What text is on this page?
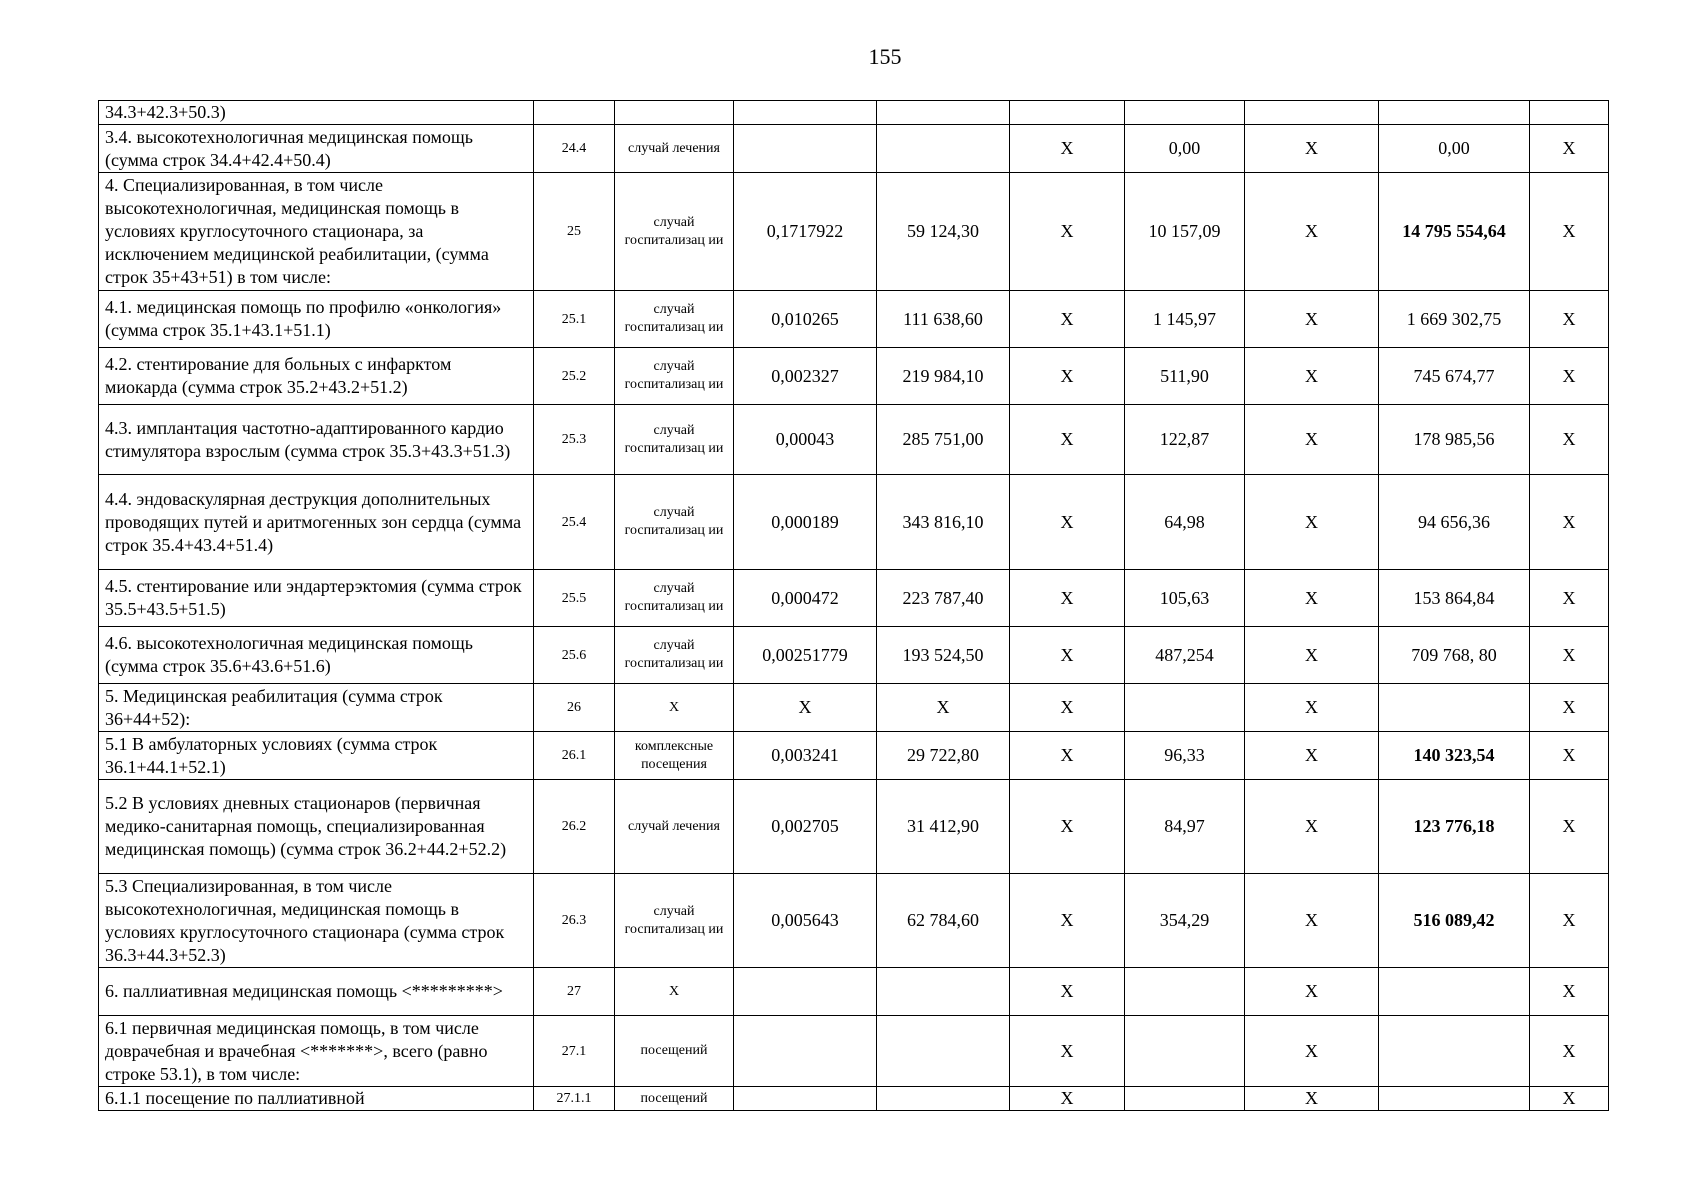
155
34.3+42.3+50.3)									
3.4. высокотехнологичная медицинская помощь (сумма строк 34.4+42.4+50.4)	24.4	случай лечения			X	0,00	X	0,00	X
4. Специализированная, в том числе высокотехнологичная, медицинская помощь в условиях круглосуточного стационара, за исключением медицинской реабилитации, (сумма строк 35+43+51) в том числе:	25	случай госпитализац ии	0,1717922	59 124,30	X	10 157,09	X	14 795 554,64	X
4.1. медицинская помощь по профилю «онкология» (сумма строк 35.1+43.1+51.1)	25.1	случай госпитализац ии	0,010265	111 638,60	X	1 145,97	X	1 669 302,75	X
4.2. стентирование для больных с инфарктом миокарда (сумма строк 35.2+43.2+51.2)	25.2	случай госпитализац ии	0,002327	219 984,10	X	511,90	X	745 674,77	X
4.3. имплантация частотно-адаптированного кардио стимулятора взрослым (сумма строк 35.3+43.3+51.3)	25.3	случай госпитализац ии	0,00043	285 751,00	X	122,87	X	178 985,56	X
4.4. эндоваскулярная деструкция дополнительных проводящих путей и аритмогенных зон сердца (сумма строк 35.4+43.4+51.4)	25.4	случай госпитализац ии	0,000189	343 816,10	X	64,98	X	94 656,36	X
4.5. стентирование или эндартерэктомия (сумма строк 35.5+43.5+51.5)	25.5	случай госпитализац ии	0,000472	223 787,40	X	105,63	X	153 864,84	X
4.6. высокотехнологичная медицинская помощь (сумма строк 35.6+43.6+51.6)	25.6	случай госпитализац ии	0,00251779	193 524,50	X	487,254	X	709 768, 80	X
5. Медицинская реабилитация (сумма строк 36+44+52):	26	X	X	X	X		X		X
5.1 В амбулаторных условиях (сумма строк 36.1+44.1+52.1)	26.1	комплексные посещения	0,003241	29 722,80	X	96,33	X	140 323,54	X
5.2 В условиях дневных стационаров (первичная медико-санитарная помощь, специализированная медицинская помощь) (сумма строк 36.2+44.2+52.2)	26.2	случай лечения	0,002705	31 412,90	X	84,97	X	123 776,18	X
5.3 Специализированная, в том числе высокотехнологичная, медицинская помощь в условиях круглосуточного стационара (сумма строк 36.3+44.3+52.3)	26.3	случай госпитализац ии	0,005643	62 784,60	X	354,29	X	516 089,42	X
6. паллиативная медицинская помощь <*********>	27	X			X		X		X
6.1 первичная медицинская помощь, в том числе доврачебная и врачебная <*******>, всего (равно строке 53.1), в том числе:	27.1	посещений			X		X		X
6.1.1 посещение по паллиативной	27.1.1	посещений			X		X		X
